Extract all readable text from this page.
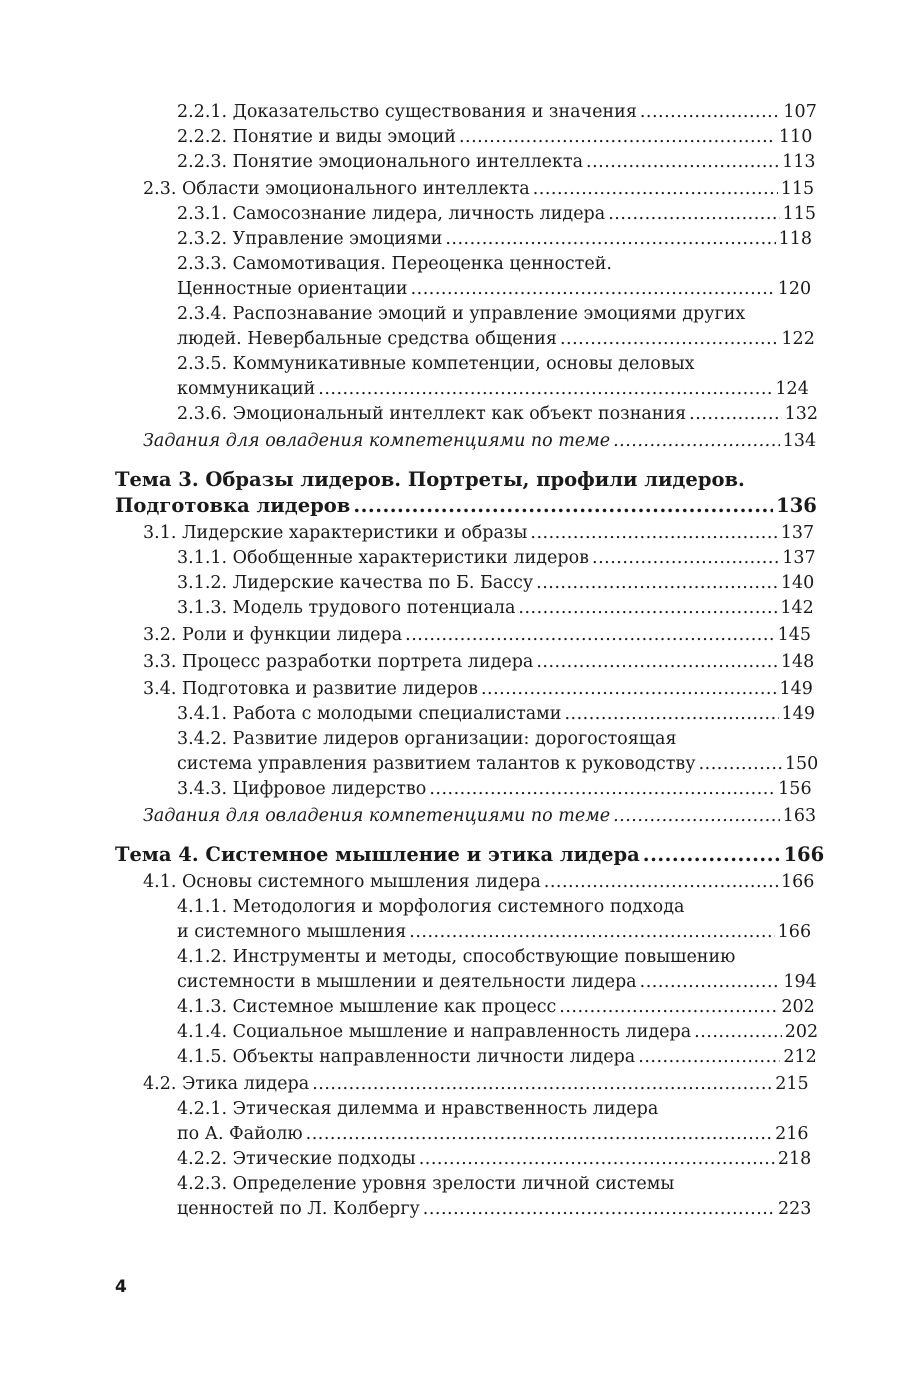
2.2.1. Доказательство существования и значения .....	107
2.2.2. Понятие и виды эмоций .....	110
2.2.3. Понятие эмоционального интеллекта .....	113
2.3. Области эмоционального интеллекта .....	115
2.3.1. Самосознание лидера, личность лидера .....	115
2.3.2. Управление эмоциями .....	118
2.3.3. Самомотивация. Переоценка ценностей.
Ценностные ориентации .....	120
2.3.4. Распознавание эмоций и управление эмоциями других
людей. Невербальные средства общения .....	122
2.3.5. Коммуникативные компетенции, основы деловых
коммуникаций .....	124
2.3.6. Эмоциональный интеллект как объект познания .....	132
Задания для овладения компетенциями по теме .....	134
Тема 3. Образы лидеров. Портреты, профили лидеров.
Подготовка лидеров .....	136
3.1. Лидерские характеристики и образы .....	137
3.1.1. Обобщенные характеристики лидеров .....	137
3.1.2. Лидерские качества по Б. Бассу .....	140
3.1.3. Модель трудового потенциала .....	142
3.2. Роли и функции лидера .....	145
3.3. Процесс разработки портрета лидера .....	148
3.4. Подготовка и развитие лидеров .....	149
3.4.1. Работа с молодыми специалистами .....	149
3.4.2. Развитие лидеров организации: дорогостоящая
система управления развитием талантов к руководству .....	150
3.4.3. Цифровое лидерство .....	156
Задания для овладения компетенциями по теме .....	163
Тема 4. Системное мышление и этика лидера .....	166
4.1. Основы системного мышления лидера .....	166
4.1.1. Методология и морфология системного подхода
и системного мышления .....	166
4.1.2. Инструменты и методы, способствующие повышению
системности в мышлении и деятельности лидера .....	194
4.1.3. Системное мышление как процесс .....	202
4.1.4. Социальное мышление и направленность лидера .....	202
4.1.5. Объекты направленности личности лидера .....	212
4.2. Этика лидера .....	215
4.2.1. Этическая дилемма и нравственность лидера
по А. Файолю .....	216
4.2.2. Этические подходы .....	218
4.2.3. Определение уровня зрелости личной системы
ценностей по Л. Колбергу .....	223
4
